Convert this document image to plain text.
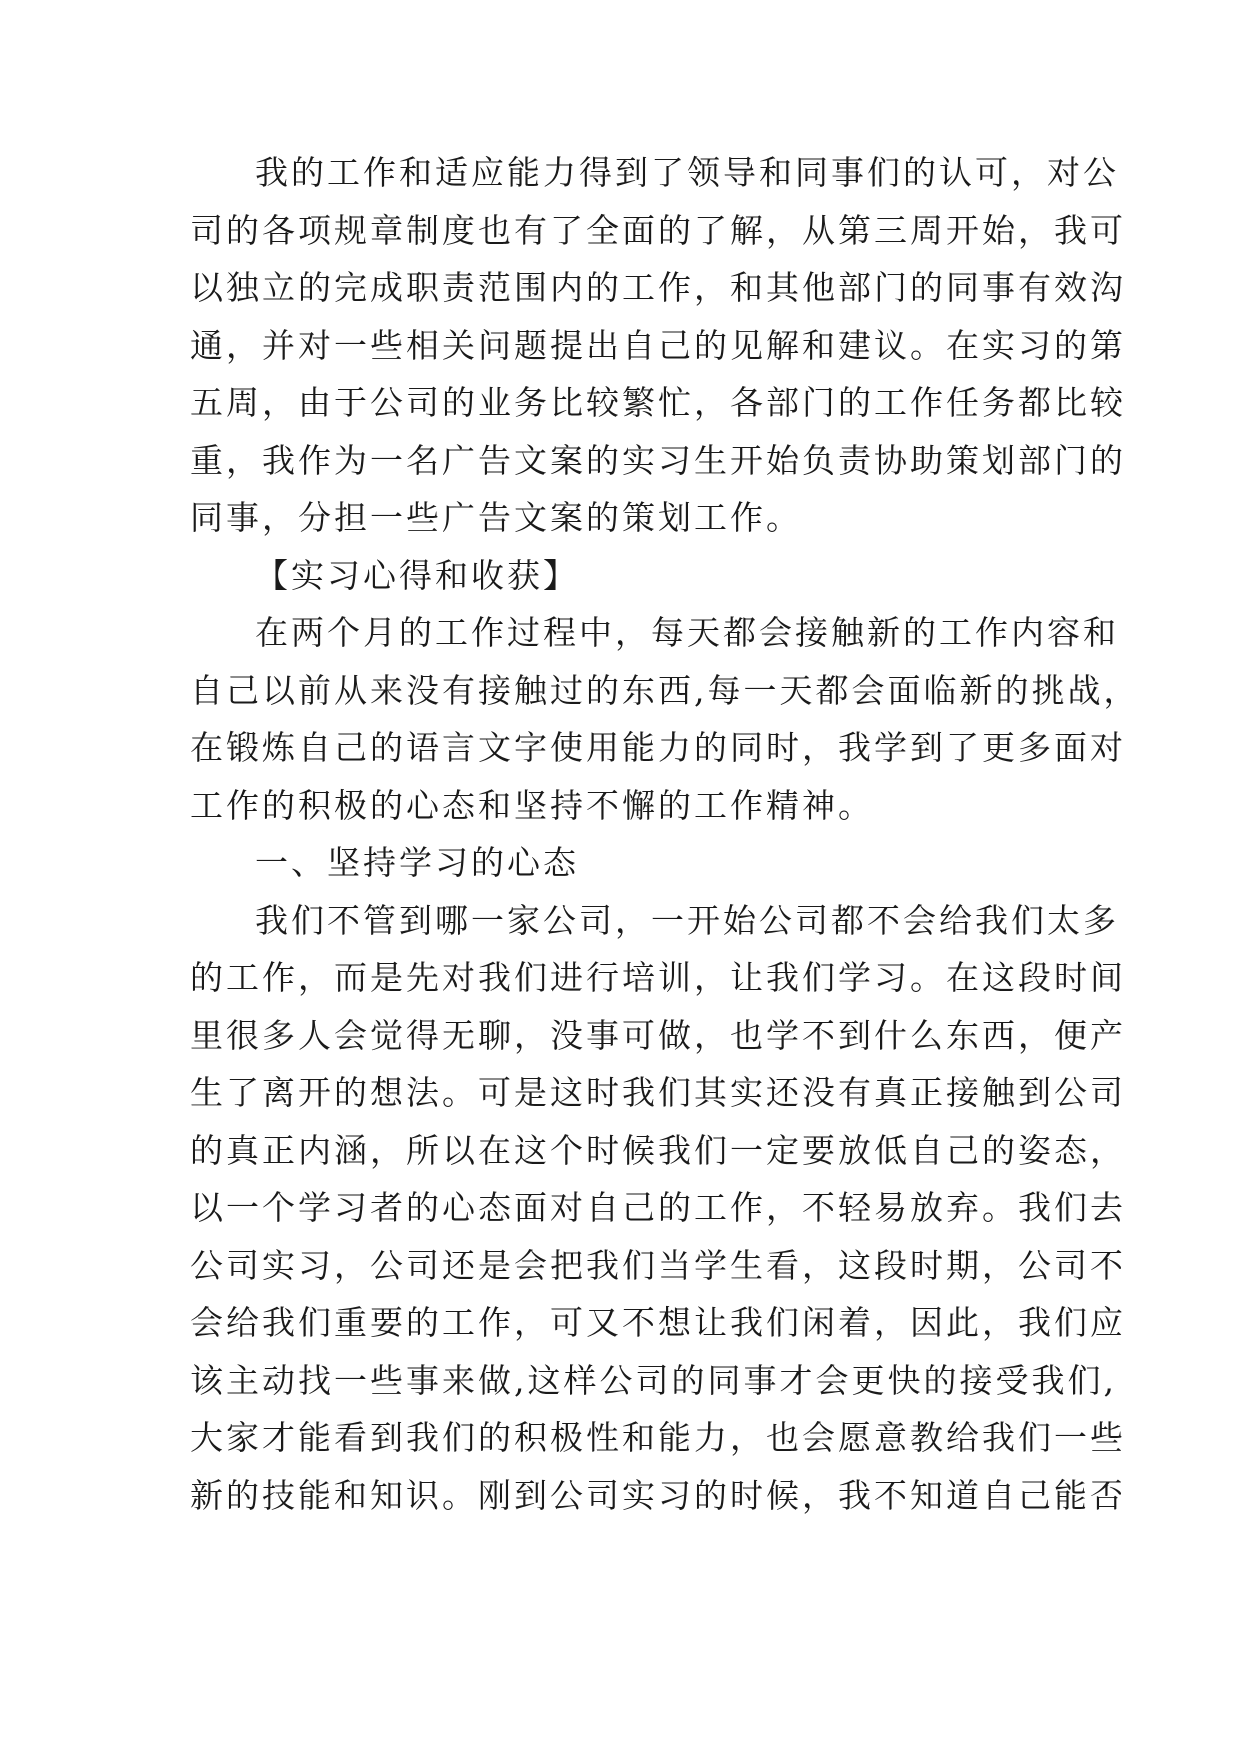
我的工作和适应能力得到了领导和同事们的认可，对公
司的各项规章制度也有了全面的了解，从第三周开始，我可
以独立的完成职责范围内的工作，和其他部门的同事有效沟
通，并对一些相关问题提出自己的见解和建议。在实习的第
五周，由于公司的业务比较繁忙，各部门的工作任务都比较
重，我作为一名广告文案的实习生开始负责协助策划部门的
同事，分担一些广告文案的策划工作。
【实习心得和收获】
在两个月的工作过程中，每天都会接触新的工作内容和
自己以前从来没有接触过的东西,每一天都会面临新的挑战，
在锻炼自己的语言文字使用能力的同时，我学到了更多面对
工作的积极的心态和坚持不懈的工作精神。
一、坚持学习的心态
我们不管到哪一家公司，一开始公司都不会给我们太多
的工作，而是先对我们进行培训，让我们学习。在这段时间
里很多人会觉得无聊，没事可做，也学不到什么东西，便产
生了离开的想法。可是这时我们其实还没有真正接触到公司
的真正内涵，所以在这个时候我们一定要放低自己的姿态，
以一个学习者的心态面对自己的工作，不轻易放弃。我们去
公司实习，公司还是会把我们当学生看，这段时期，公司不
会给我们重要的工作，可又不想让我们闲着，因此，我们应
该主动找一些事来做,这样公司的同事才会更快的接受我们,
大家才能看到我们的积极性和能力，也会愿意教给我们一些
新的技能和知识。刚到公司实习的时候，我不知道自己能否
